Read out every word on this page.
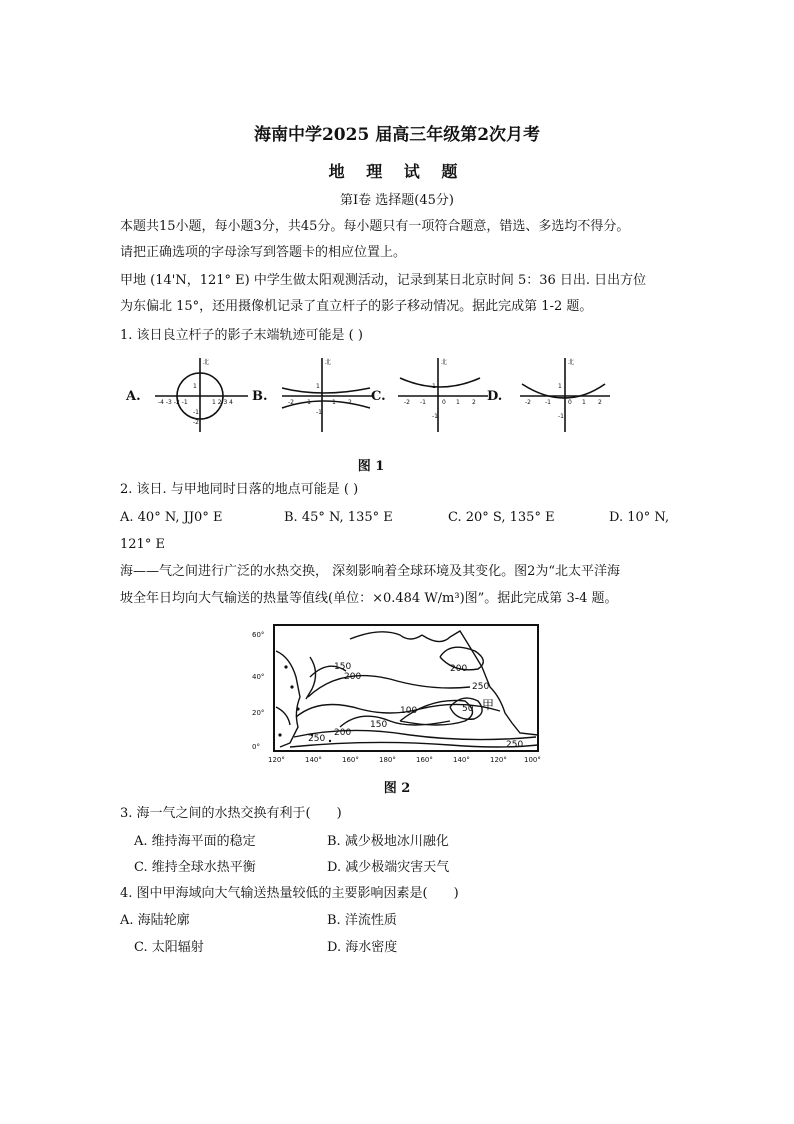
海南中学2025 届高三年级第2次月考
地 理 试 题
第Ⅰ卷 选择题(45分)
本题共15小题，每小题3分，共45分。每小题只有一项符合题意，错选、多选均不得分。
请把正确选项的字母涂写到答题卡的相应位置上。
甲地 (14'N，121° E) 中学生做太阳观测活动，记录到某日北京时间 5：36 日出. 日出方位
为东偏北 15°，还用摄像机记录了直立杆子的影子移动情况。据此完成第 1-2 题。
1. 该日良立杆子的影子末端轨迹可能是 ( )
北	北	北	北
-4 -3 -2 -1	1 2 3 4	-2 -1	1 2	-2 -1	0 1 2	-2 -1	0 1 2
1
-1
-2
1
-1
1
-1
1
-1
A.	B.	C.	D.
图 1
2. 该日. 与甲地同时日落的地点可能是 ( )
A. 40° N, JJ0° E	B. 45° N, 135° E	C. 20° S, 135° E	D. 10° N,
121° E
海——气之间进行广泛的水热交换， 深刻影响着全球环境及其变化。图2为“北太平洋海
坡全年日均向大气输送的热量等值线(单位：×0.484 W/m³)图”。据此完成第 3-4 题。
60°
40°
20°
0°
120°	140°	160°	180°	160°	140°	120° 100°
150
200
200
250
100
150
50 甲
200
250
250
图 2
3. 海一气之间的水热交换有利于(　　)
A. 维持海平面的稳定	B. 减少极地冰川融化
C. 维持全球水热平衡	D. 减少极端灾害天气
4. 图中甲海域向大气输送热量较低的主要影响因素是(　　)
A. 海陆轮廓	B. 洋流性质
C. 太阳辐射	D. 海水密度
